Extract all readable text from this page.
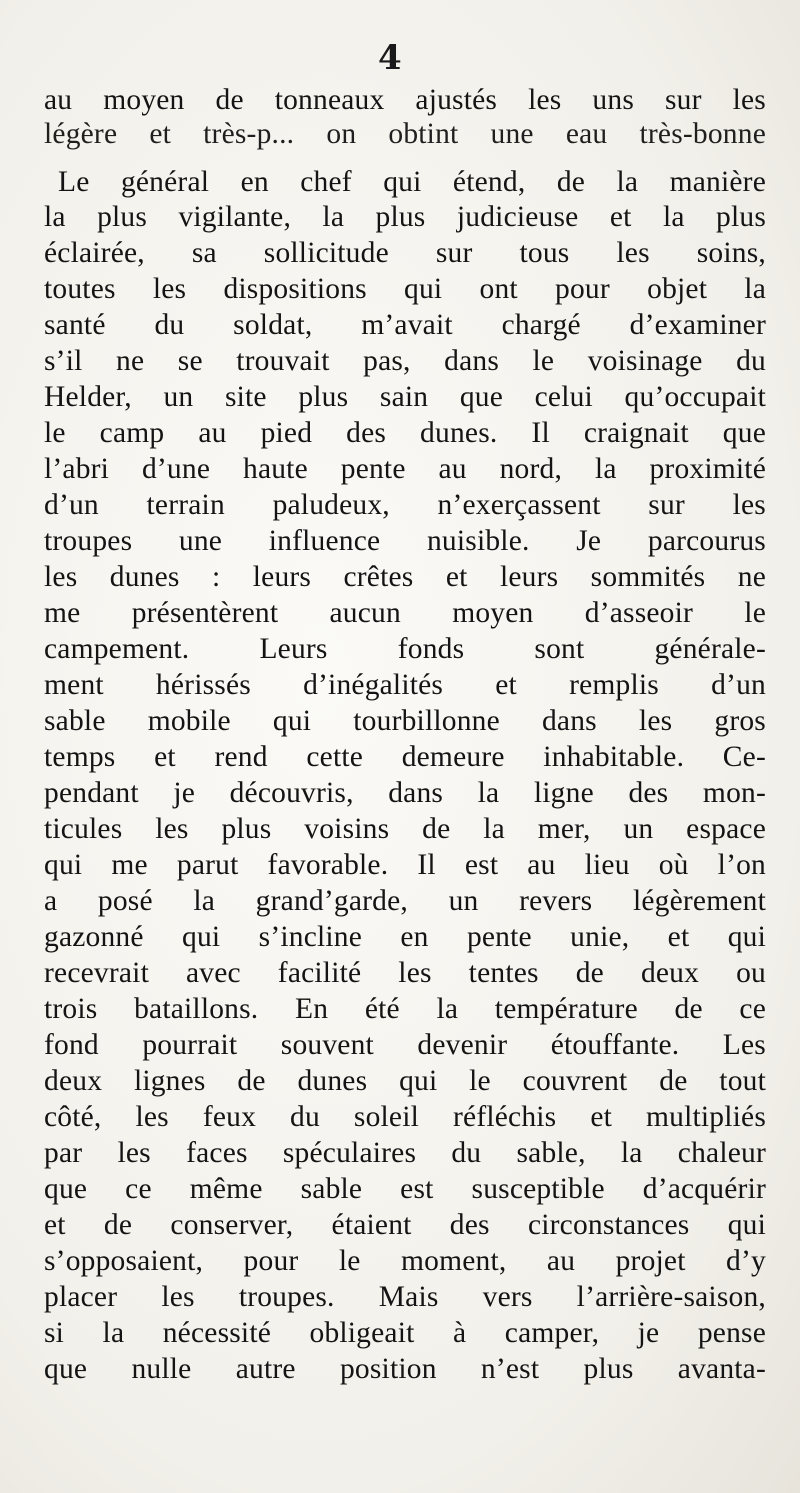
4
au moyen de tonneaux ajustés les uns sur les
légère et très-p... on obtint une eau très-bonne
Le général en chef qui étend, de la manière
la plus vigilante, la plus judicieuse et la plus
éclairée, sa sollicitude sur tous les soins,
toutes les dispositions qui ont pour objet la
santé du soldat, m’avait chargé d’examiner
s’il ne se trouvait pas, dans le voisinage du
Helder, un site plus sain que celui qu’occupait
le camp au pied des dunes. Il craignait que
l’abri d’une haute pente au nord, la proximité
d’un terrain paludeux, n’exerçassent sur les
troupes une influence nuisible. Je parcourus
les dunes : leurs crêtes et leurs sommités ne
me présentèrent aucun moyen d’asseoir le
campement. Leurs fonds sont générale-
ment hérissés d’inégalités et remplis d’un
sable mobile qui tourbillonne dans les gros
temps et rend cette demeure inhabitable. Ce-
pendant je découvris, dans la ligne des mon-
ticules les plus voisins de la mer, un espace
qui me parut favorable. Il est au lieu où l’on
a posé la grand’garde, un revers légèrement
gazonné qui s’incline en pente unie, et qui
recevrait avec facilité les tentes de deux ou
trois bataillons. En été la température de ce
fond pourrait souvent devenir étouffante. Les
deux lignes de dunes qui le couvrent de tout
côté, les feux du soleil réfléchis et multipliés
par les faces spéculaires du sable, la chaleur
que ce même sable est susceptible d’acquérir
et de conserver, étaient des circonstances qui
s’opposaient, pour le moment, au projet d’y
placer les troupes. Mais vers l’arrière-saison,
si la nécessité obligeait à camper, je pense
que nulle autre position n’est plus avanta-
